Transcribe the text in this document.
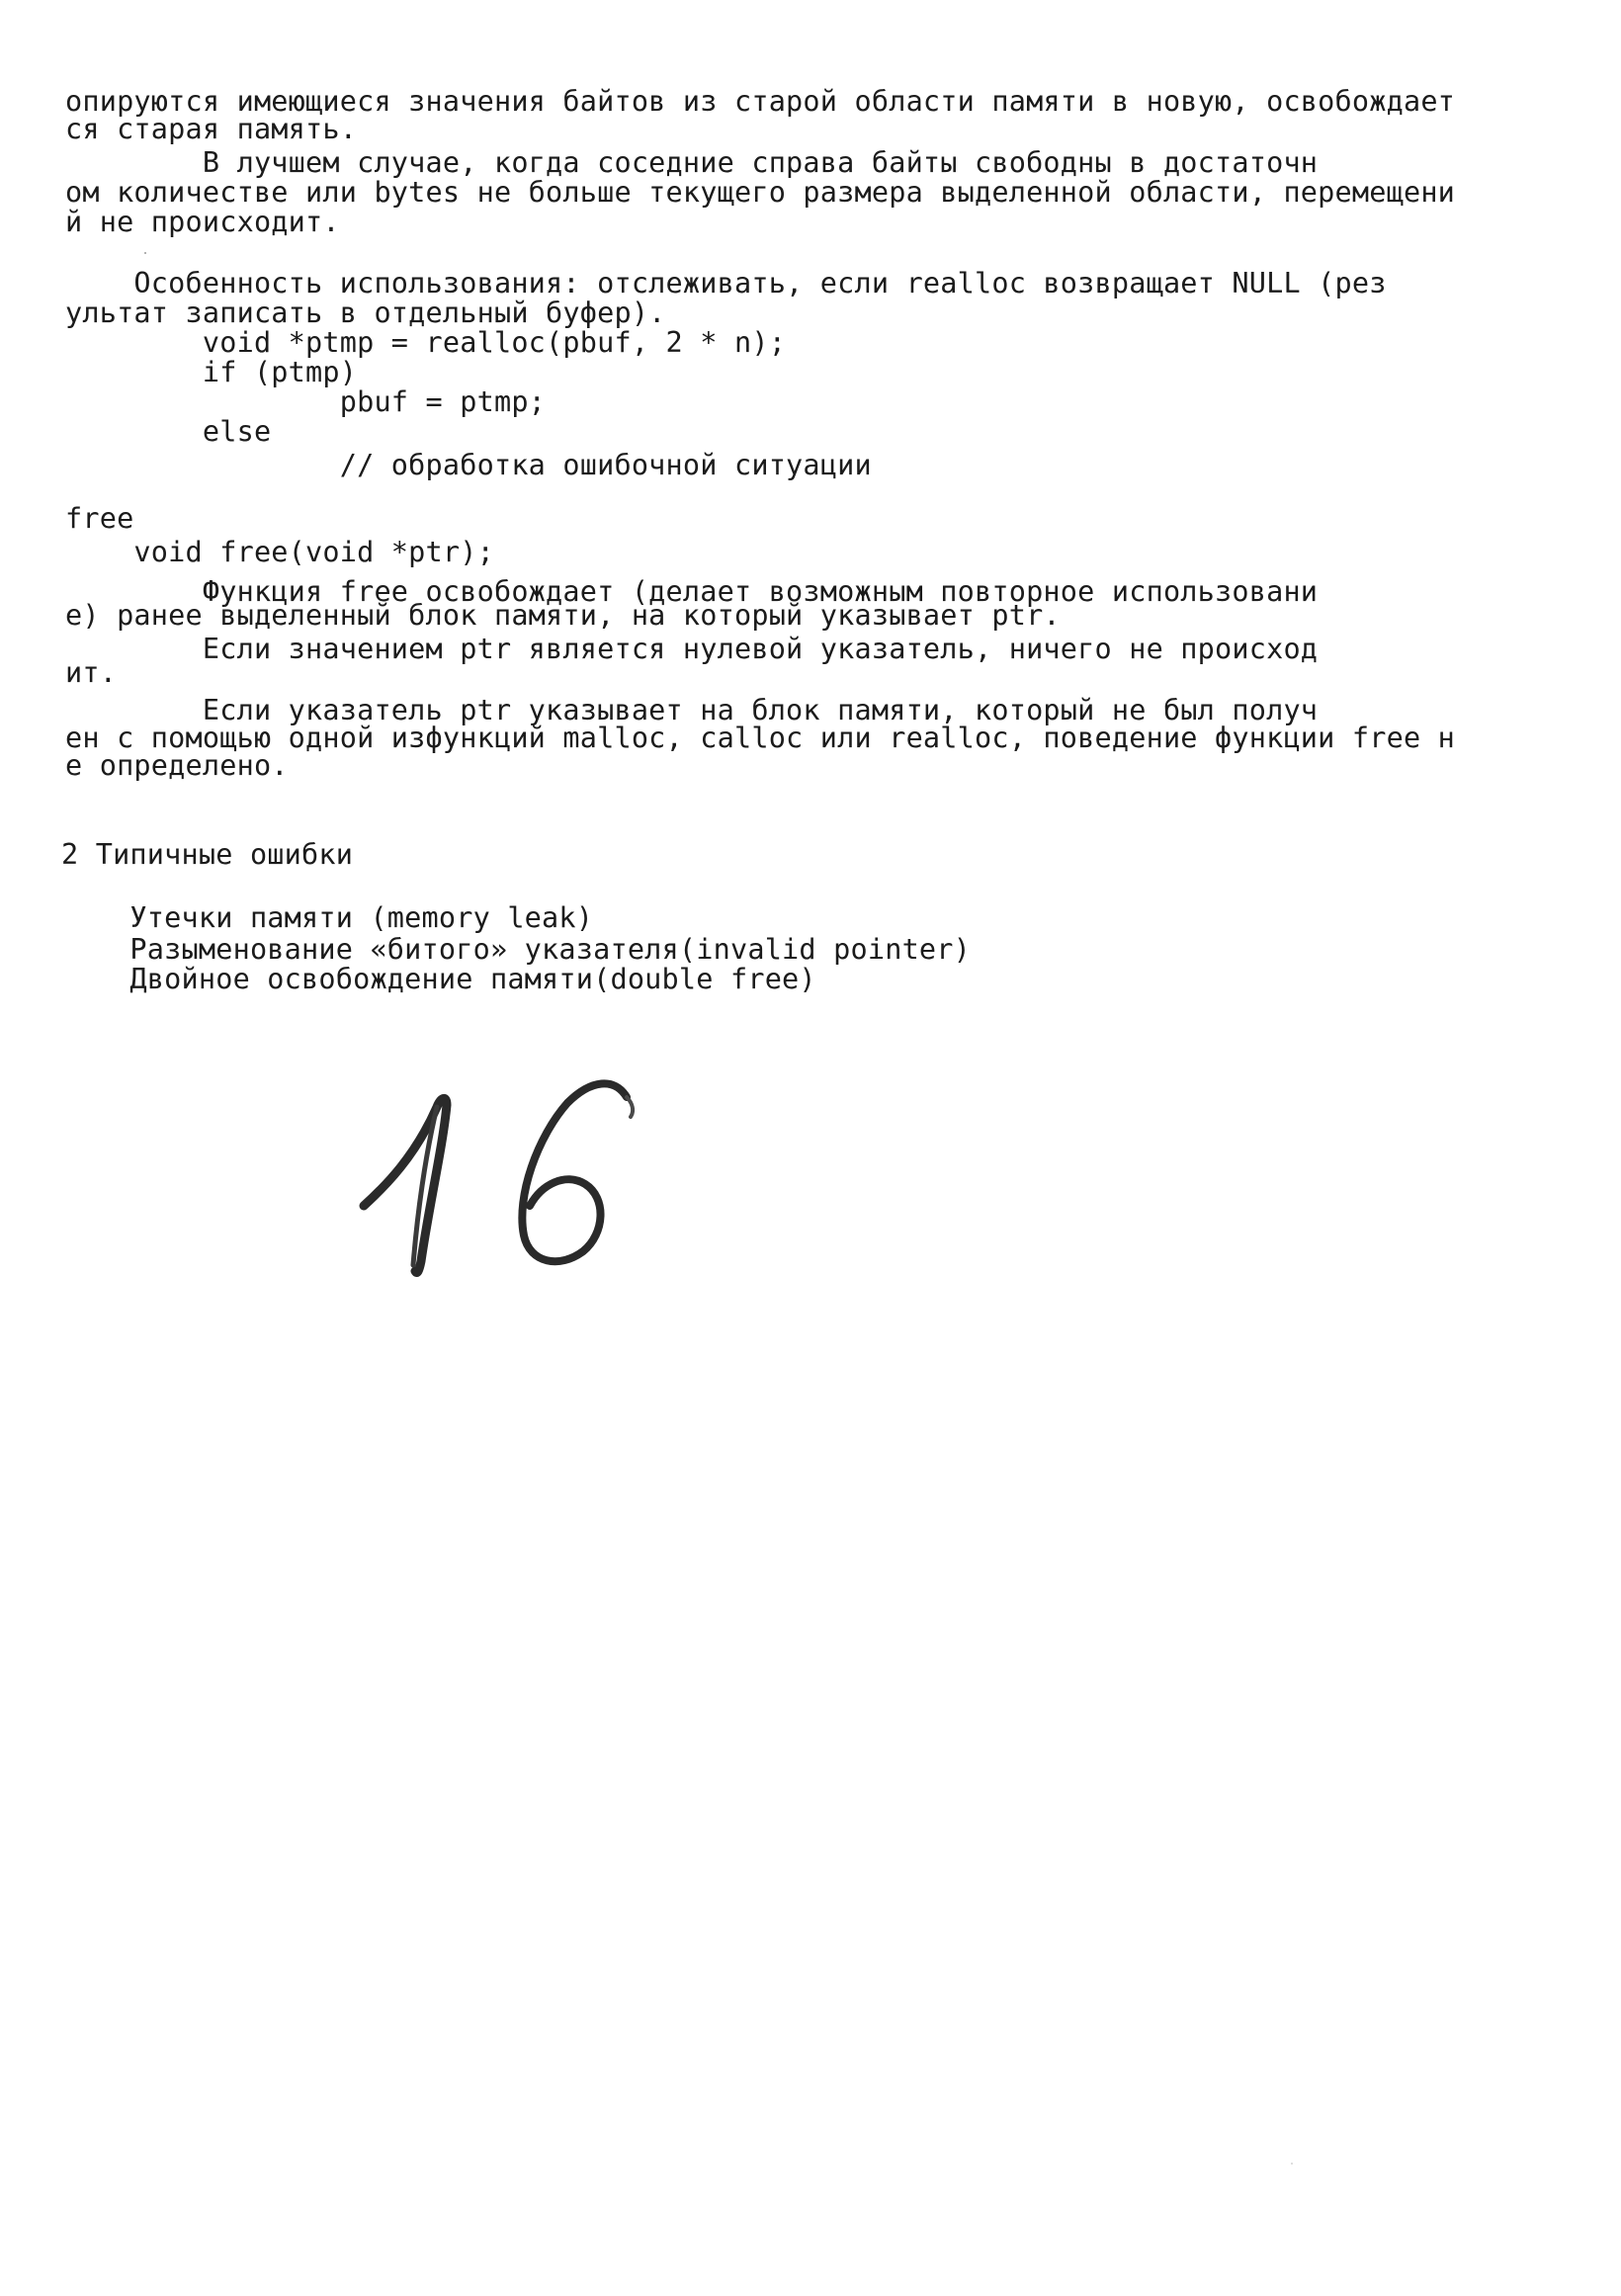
опируются имеющиеся значения байтов из старой области памяти в новую, освобождает
ся старая память.
В лучшем случае, когда соседние справа байты свободны в достаточн
ом количестве или bytes не больше текущего размера выделенной области, перемещени
й не происходит.
Особенность использования: отслеживать, если realloc возвращает NULL (рез
ультат записать в отдельный буфер).
void *ptmp = realloc(pbuf, 2 * n);
if (ptmp)
pbuf = ptmp;
else
// обработка ошибочной ситуации
free
void free(void *ptr);
Функция free освобождает (делает возможным повторное использовани
е) ранее выделенный блок памяти, на который указывает ptr.
Если значением ptr является нулевой указатель, ничего не происход
ит.
Если указатель ptr указывает на блок памяти, который не был получ
ен с помощью одной изфункций malloc, calloc или realloc, поведение функции free н
е определено.
2 Типичные ошибки
Утечки памяти (memory leak)
Разыменование «битого» указателя(invalid pointer)
Двойное освобождение памяти(double free)
